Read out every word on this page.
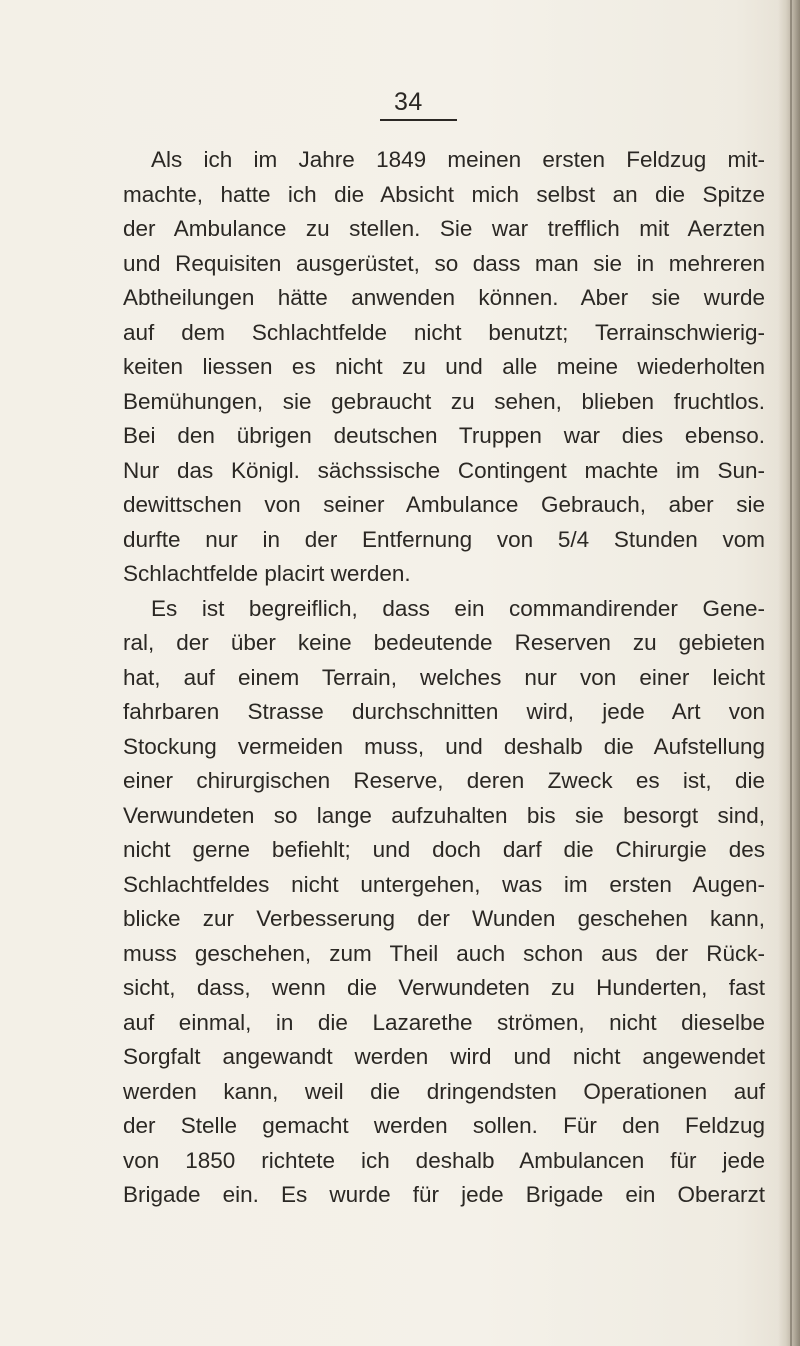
34
Als ich im Jahre 1849 meinen ersten Feldzug mit-
machte, hatte ich die Absicht mich selbst an die Spitze
der Ambulance zu stellen. Sie war trefflich mit Aerzten
und Requisiten ausgerüstet, so dass man sie in mehreren
Abtheilungen hätte anwenden können. Aber sie wurde
auf dem Schlachtfelde nicht benutzt; Terrainschwierig-
keiten liessen es nicht zu und alle meine wiederholten
Bemühungen, sie gebraucht zu sehen, blieben fruchtlos.
Bei den übrigen deutschen Truppen war dies ebenso.
Nur das Königl. sächssische Contingent machte im Sun-
dewittschen von seiner Ambulance Gebrauch, aber sie
durfte nur in der Entfernung von 5/4 Stunden vom
Schlachtfelde placirt werden.
Es ist begreiflich, dass ein commandirender Gene-
ral, der über keine bedeutende Reserven zu gebieten
hat, auf einem Terrain, welches nur von einer leicht
fahrbaren Strasse durchschnitten wird, jede Art von
Stockung vermeiden muss, und deshalb die Aufstellung
einer chirurgischen Reserve, deren Zweck es ist, die
Verwundeten so lange aufzuhalten bis sie besorgt sind,
nicht gerne befiehlt; und doch darf die Chirurgie des
Schlachtfeldes nicht untergehen, was im ersten Augen-
blicke zur Verbesserung der Wunden geschehen kann,
muss geschehen, zum Theil auch schon aus der Rück-
sicht, dass, wenn die Verwundeten zu Hunderten, fast
auf einmal, in die Lazarethe strömen, nicht dieselbe
Sorgfalt angewandt werden wird und nicht angewendet
werden kann, weil die dringendsten Operationen auf
der Stelle gemacht werden sollen. Für den Feldzug
von 1850 richtete ich deshalb Ambulancen für jede
Brigade ein. Es wurde für jede Brigade ein Oberarzt
